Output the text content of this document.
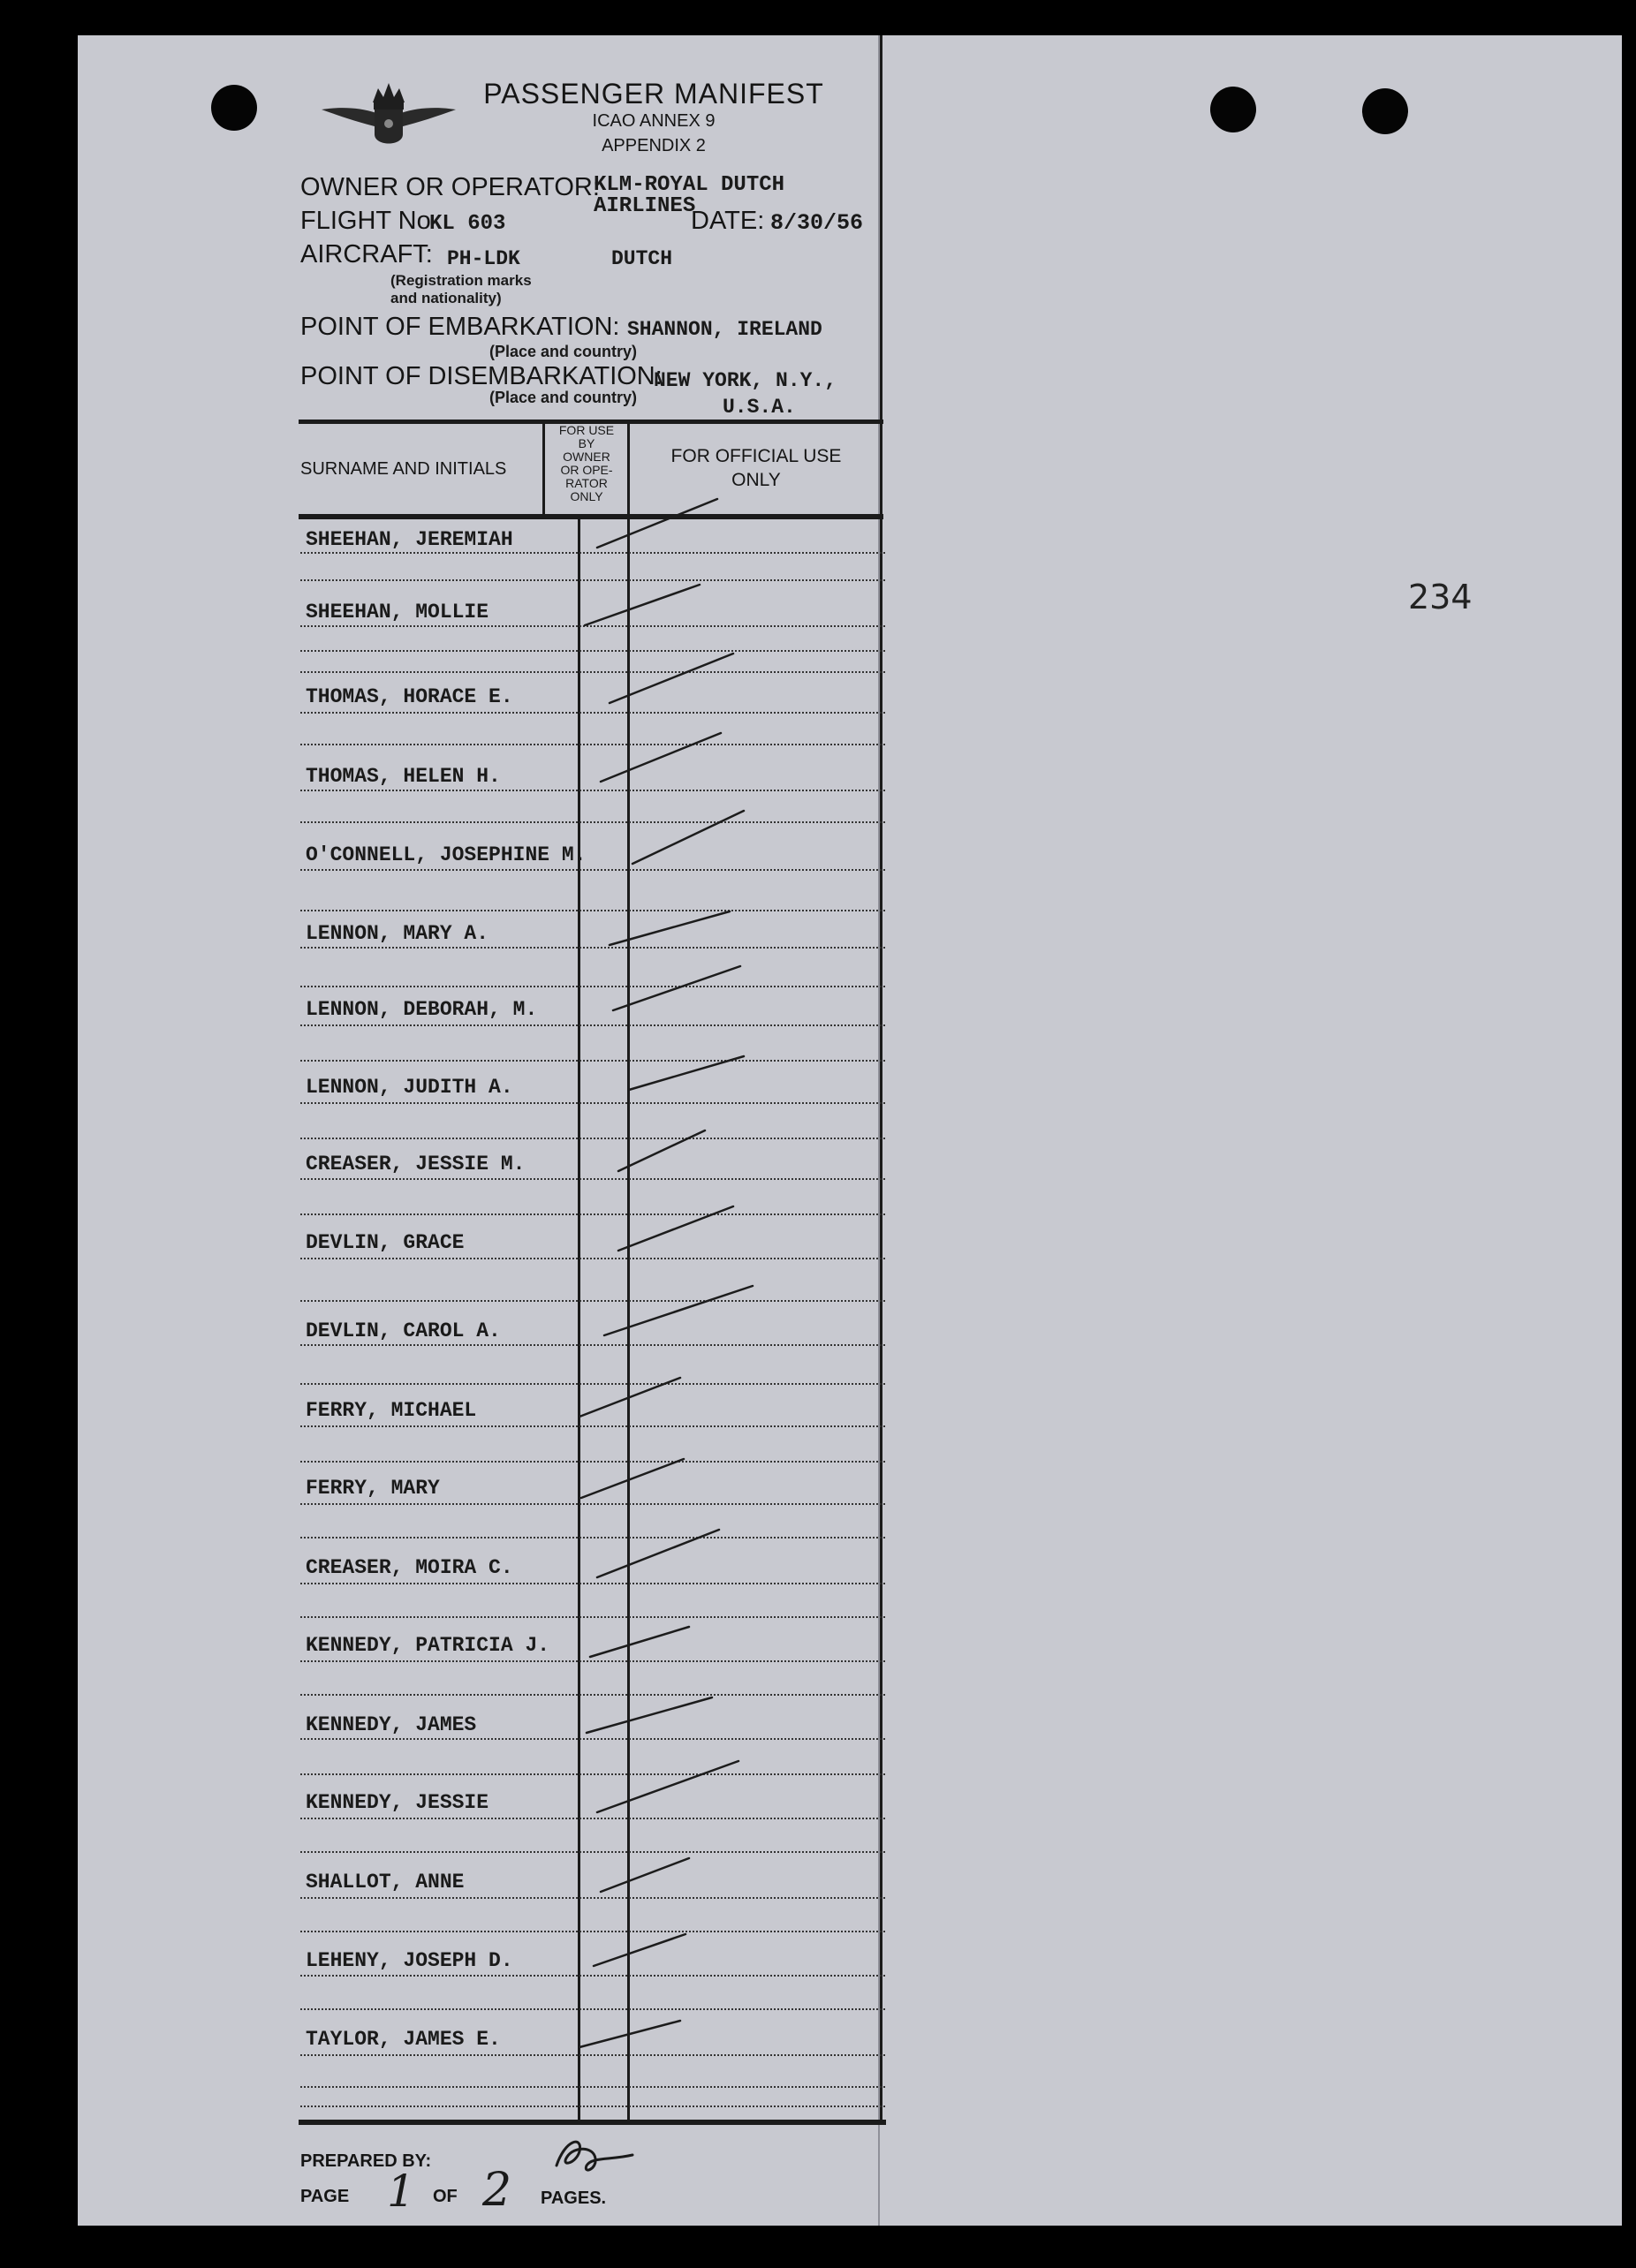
PASSENGER MANIFEST
ICAO ANNEX 9
APPENDIX 2
OWNER OR OPERATOR:
KLM-ROYAL DUTCH
AIRLINES
FLIGHT No
KL 603	DATE: 8/30/56
AIRCRAFT: PH-LDK	DUTCH
(Registration marks
and nationality)
POINT OF EMBARKATION: SHANNON, IRELAND
(Place and country)
POINT OF DISEMBARKATION:
NEW YORK, N.Y.,
(Place and country)	U.S.A.
SURNAME AND INITIALS
FOR USE
BY
OWNER
OR OPE-
RATOR
ONLY
FOR OFFICIAL USE
ONLY
SHEEHAN, JEREMIAH
SHEEHAN, MOLLIE
THOMAS, HORACE E.
THOMAS, HELEN H.
O'CONNELL, JOSEPHINE M.
LENNON, MARY A.
LENNON, DEBORAH, M.
LENNON, JUDITH A.
CREASER, JESSIE M.
DEVLIN, GRACE
DEVLIN, CAROL A.
FERRY, MICHAEL
FERRY, MARY
CREASER, MOIRA C.
KENNEDY, PATRICIA J.
KENNEDY, JAMES
KENNEDY, JESSIE
SHALLOT, ANNE
LEHENY, JOSEPH D.
TAYLOR, JAMES E.
PREPARED BY:
PAGE 1 OF 2 PAGES.
234
